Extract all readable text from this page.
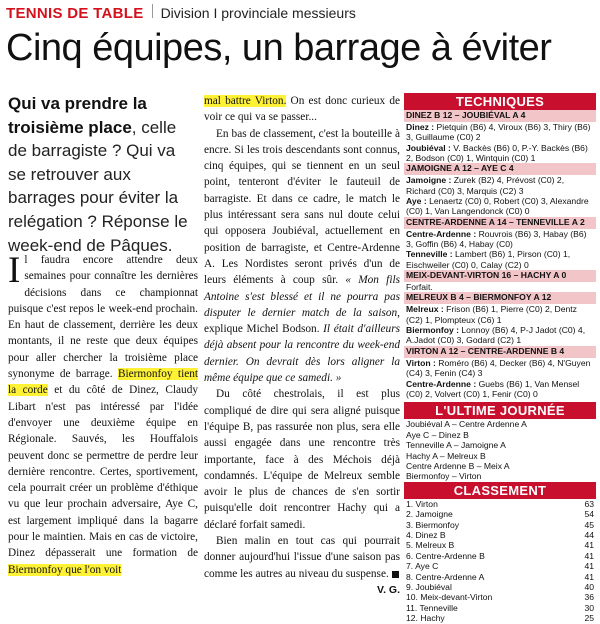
TENNIS DE TABLE Division I provinciale messieurs
Cinq équipes, un barrage à éviter
Qui va prendre la troisième place, celle de barragiste ? Qui va se retrouver aux barrages pour éviter la relégation ? Réponse le week-end de Pâques.

Il faudra encore attendre deux semaines pour connaître les dernières décisions dans ce championnat puisque c'est repos le week-end prochain. En haut de classement, derrière les deux montants, il ne reste que deux équipes pour aller chercher la troisième place synonyme de barrage. Biermonfoy tient la corde et du côté de Dinez, Claudy Libart n'est pas intéressé par l'idée d'envoyer une deuxième équipe en Régionale. Sauvés, les Houffalois peuvent donc se permettre de perdre leur dernière rencontre. Certes, sportivement, cela pourrait créer un problème d'éthique vu que leur prochain adversaire, Aye C, est largement impliqué dans la bagarre pour le maintien. Mais en cas de victoire, Dinez dépasserait une formation de Biermonfoy que l'on voit

mal battre Virton. On est donc curieux de voir ce qui va se passer...

En bas de classement, c'est la bouteille à encre. Si les trois descendants sont connus, cinq équipes, qui se tiennent en un seul point, tenteront d'éviter le fauteuil de barragiste. Et dans ce cadre, le match le plus intéressant sera sans nul doute celui qui opposera Joubiéval, actuellement en position de barragiste, et Centre-Ardenne A. Les Nordistes seront privés d'un de leurs éléments à coup sûr. « Mon fils Antoine s'est blessé et il ne pourra pas disputer le dernier match de la saison, explique Michel Bodson. Il était d'ailleurs déjà absent pour la rencontre du week-end dernier. On devrait dès lors aligner la même équipe que ce samedi. »

Du côté chestrolais, il est plus compliqué de dire qui sera aligné puisque l'équipe B, pas rassurée non plus, sera elle aussi engagée dans une rencontre très importante, face à des Méchois déjà condamnés. L'équipe de Melreux semble avoir le plus de chances de s'en sortir puisqu'elle doit rencontrer Hachy qui a déclaré forfait samedi.

Bien malin en tout cas qui pourrait donner aujourd'hui l'issue d'une saison pas comme les autres au niveau du suspense.
V. G.

TECHNIQUES
DINEZ B 12 – JOUBIÉVAL A 4
Dinez : Pietquin (B6) 4, Viroux (B6) 3, Thiry (B6) 3, Guillaume (C0) 2
Joubiéval : V. Backès (B6) 0, P.-Y. Backès (B6) 2, Bodson (C0) 1, Wintquin (C0) 1
JAMOIGNE A 12 – AYE C 4
Jamoigne : Zurek (B2) 4, Prévost (C0) 2, Richard (C0) 3, Marquis (C2) 3
Aye : Lenaertz (C0) 0, Robert (C0) 3, Alexandre (C0) 1, Van Langendonck (C0) 0
CENTRE-ARDENNE A 14 – TENNEVILLE A 2
Centre-Ardenne : Rouvrois (B6) 3, Habay (B6) 3, Goffin (B6) 4, Habay (C0)
Tenneville : Lambert (B6) 1, Pirson (C0) 1, Eischweiler (C0) 0, Calay (C2) 0
MEIX-DEVANT-VIRTON 16 – HACHY A 0
Forfait.
MELREUX B 4 – BIERMONFOY A 12
Melreux : Frison (B6) 1, Pierre (C0) 2, Dentz (C2) 1, Plompteux (C6) 1
Biermonfoy : Lonnoy (B6) 4, P-J Jadot (C0) 4, A.Jadot (C0) 3, Godard (C2) 1
VIRTON A 12 – CENTRE-ARDENNE B 4
Virton : Roméro (B6) 4, Decker (B6) 4, N'Guyen (C4) 3, Fenin (C4) 3
Centre-Ardenne : Guebs (B6) 1, Van Mensel (C0) 2, Volvert (C0) 1, Fenir (C0) 0
L'ULTIME JOURNÉE
Joubiéval A – Centre Ardenne A
Aye C – Dinez B
Tenneville A – Jamoigne A
Hachy A – Melreux B
Centre Ardenne B – Meix A
Biermonfoy – Virton
CLASSEMENT
1. Virton	63
2. Jamoigne	54
3. Biermonfoy	45
4. Dinez B	44
5. Melreux B	41
6. Centre-Ardenne B	41
7. Aye C	41
8. Centre-Ardenne A	41
9. Joubiéval	40
10. Meix-devant-Virton	36
11. Tenneville	30
12. Hachy	25
